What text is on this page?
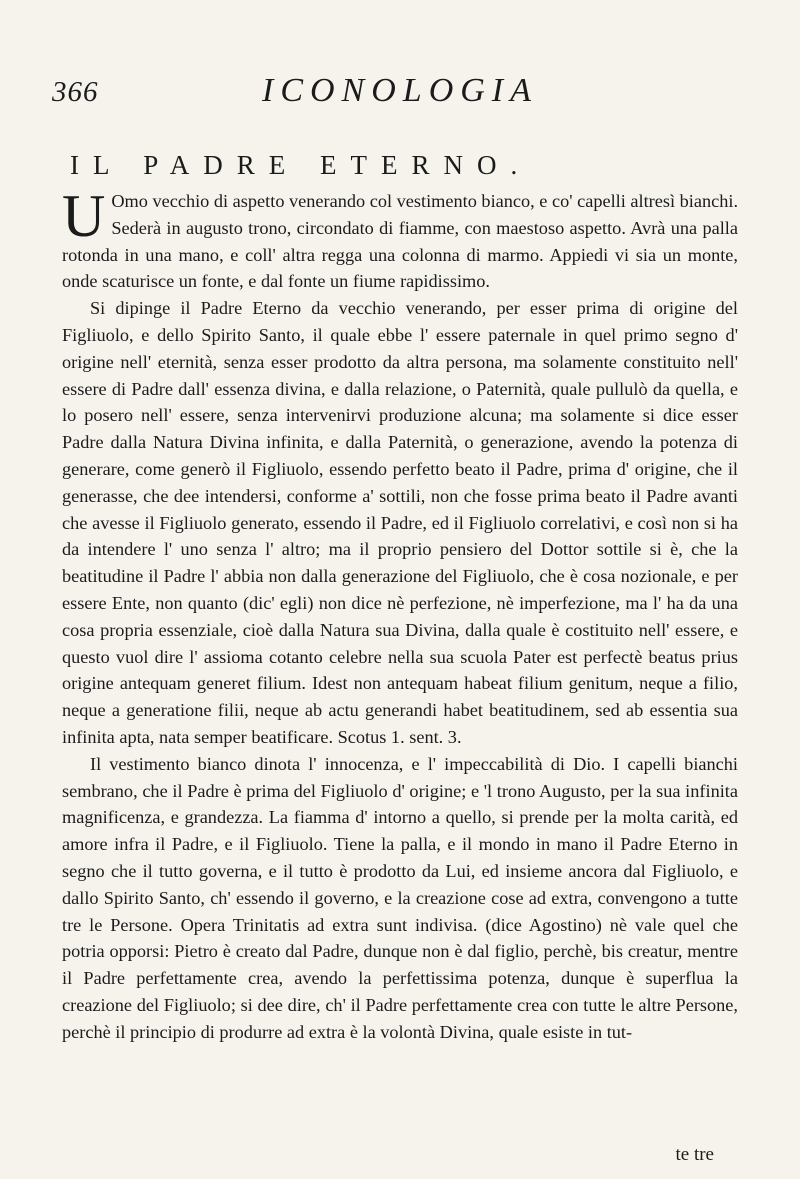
366	ICONOLOGIA
IL PADRE ETERNO.

U Omo vecchio di aspetto venerando col vestimento bianco, e co' capelli altresì bianchi. Sederà in augusto trono, circondato di fiamme, con maestoso aspetto. Avrà una palla rotonda in una mano, e coll' altra regga una colonna di marmo. Appiedi vi sia un monte, onde scaturisce un fonte, e dal fonte un fiume rapidissimo.

Si dipinge il Padre Eterno da vecchio venerando, per esser prima di origine del Figliuolo, e dello Spirito Santo, il quale ebbe l' essere paternale in quel primo segno d' origine nell' eternità, senza esser prodotto da altra persona, ma solamente constituito nell' essere di Padre dall' essenza divina, e dalla relazione, o Paternità, quale pullulò da quella, e lo posero nell' essere, senza intervenirvi produzione alcuna; ma solamente si dice esser Padre dalla Natura Divina infinita, e dalla Paternità, o generazione, avendo la potenza di generare, come generò il Figliuolo, essendo perfetto beato il Padre, prima d' origine, che il generasse, che dee intendersi, conforme a' sottili, non che fosse prima beato il Padre avanti che avesse il Figliuolo generato, essendo il Padre, ed il Figliuolo correlativi, e così non si ha da intendere l' uno senza l' altro; ma il proprio pensiero del Dottor sottile si è, che la beatitudine il Padre l' abbia non dalla generazione del Figliuolo, che è cosa nozionale, e per essere Ente, non quanto (dic' egli) non dice nè perfezione, nè imperfezione, ma l' ha da una cosa propria essenziale, cioè dalla Natura sua Divina, dalla quale è costituito nell' essere, e questo vuol dire l' assioma cotanto celebre nella sua scuola Pater est perfectè beatus prius origine antequam generet filium. Idest non antequam habeat filium genitum, neque a filio, neque a generatione filii, neque ab actu generandi habet beatitudinem, sed ab essentia sua infinita apta, nata semper beatificare. Scotus 1. sent. 3.

Il vestimento bianco dinota l' innocenza, e l' impeccabilità di Dio. I capelli bianchi sembrano, che il Padre è prima del Figliuolo d' origine; e 'l trono Augusto, per la sua infinita magnificenza, e grandezza. La fiamma d' intorno a quello, si prende per la molta carità, ed amore infra il Padre, e il Figliuolo. Tiene la palla, e il mondo in mano il Padre Eterno in segno che il tutto governa, e il tutto è prodotto da Lui, ed insieme ancora dal Figliuolo, e dallo Spirito Santo, ch' essendo il governo, e la creazione cose ad extra, convengono a tutte tre le Persone. Opera Trinitatis ad extra sunt indivisa. (dice Agostino) nè vale quel che potria opporsi: Pietro è creato dal Padre, dunque non è dal figlio, perchè, bis creatur, mentre il Padre perfettamente crea, avendo la perfettissima potenza, dunque è superflua la creazione del Figliuolo; si dee dire, ch' il Padre perfettamente crea con tutte le altre Persone, perchè il principio di produrre ad extra è la volontà Divina, quale esiste in tut-

te tre
